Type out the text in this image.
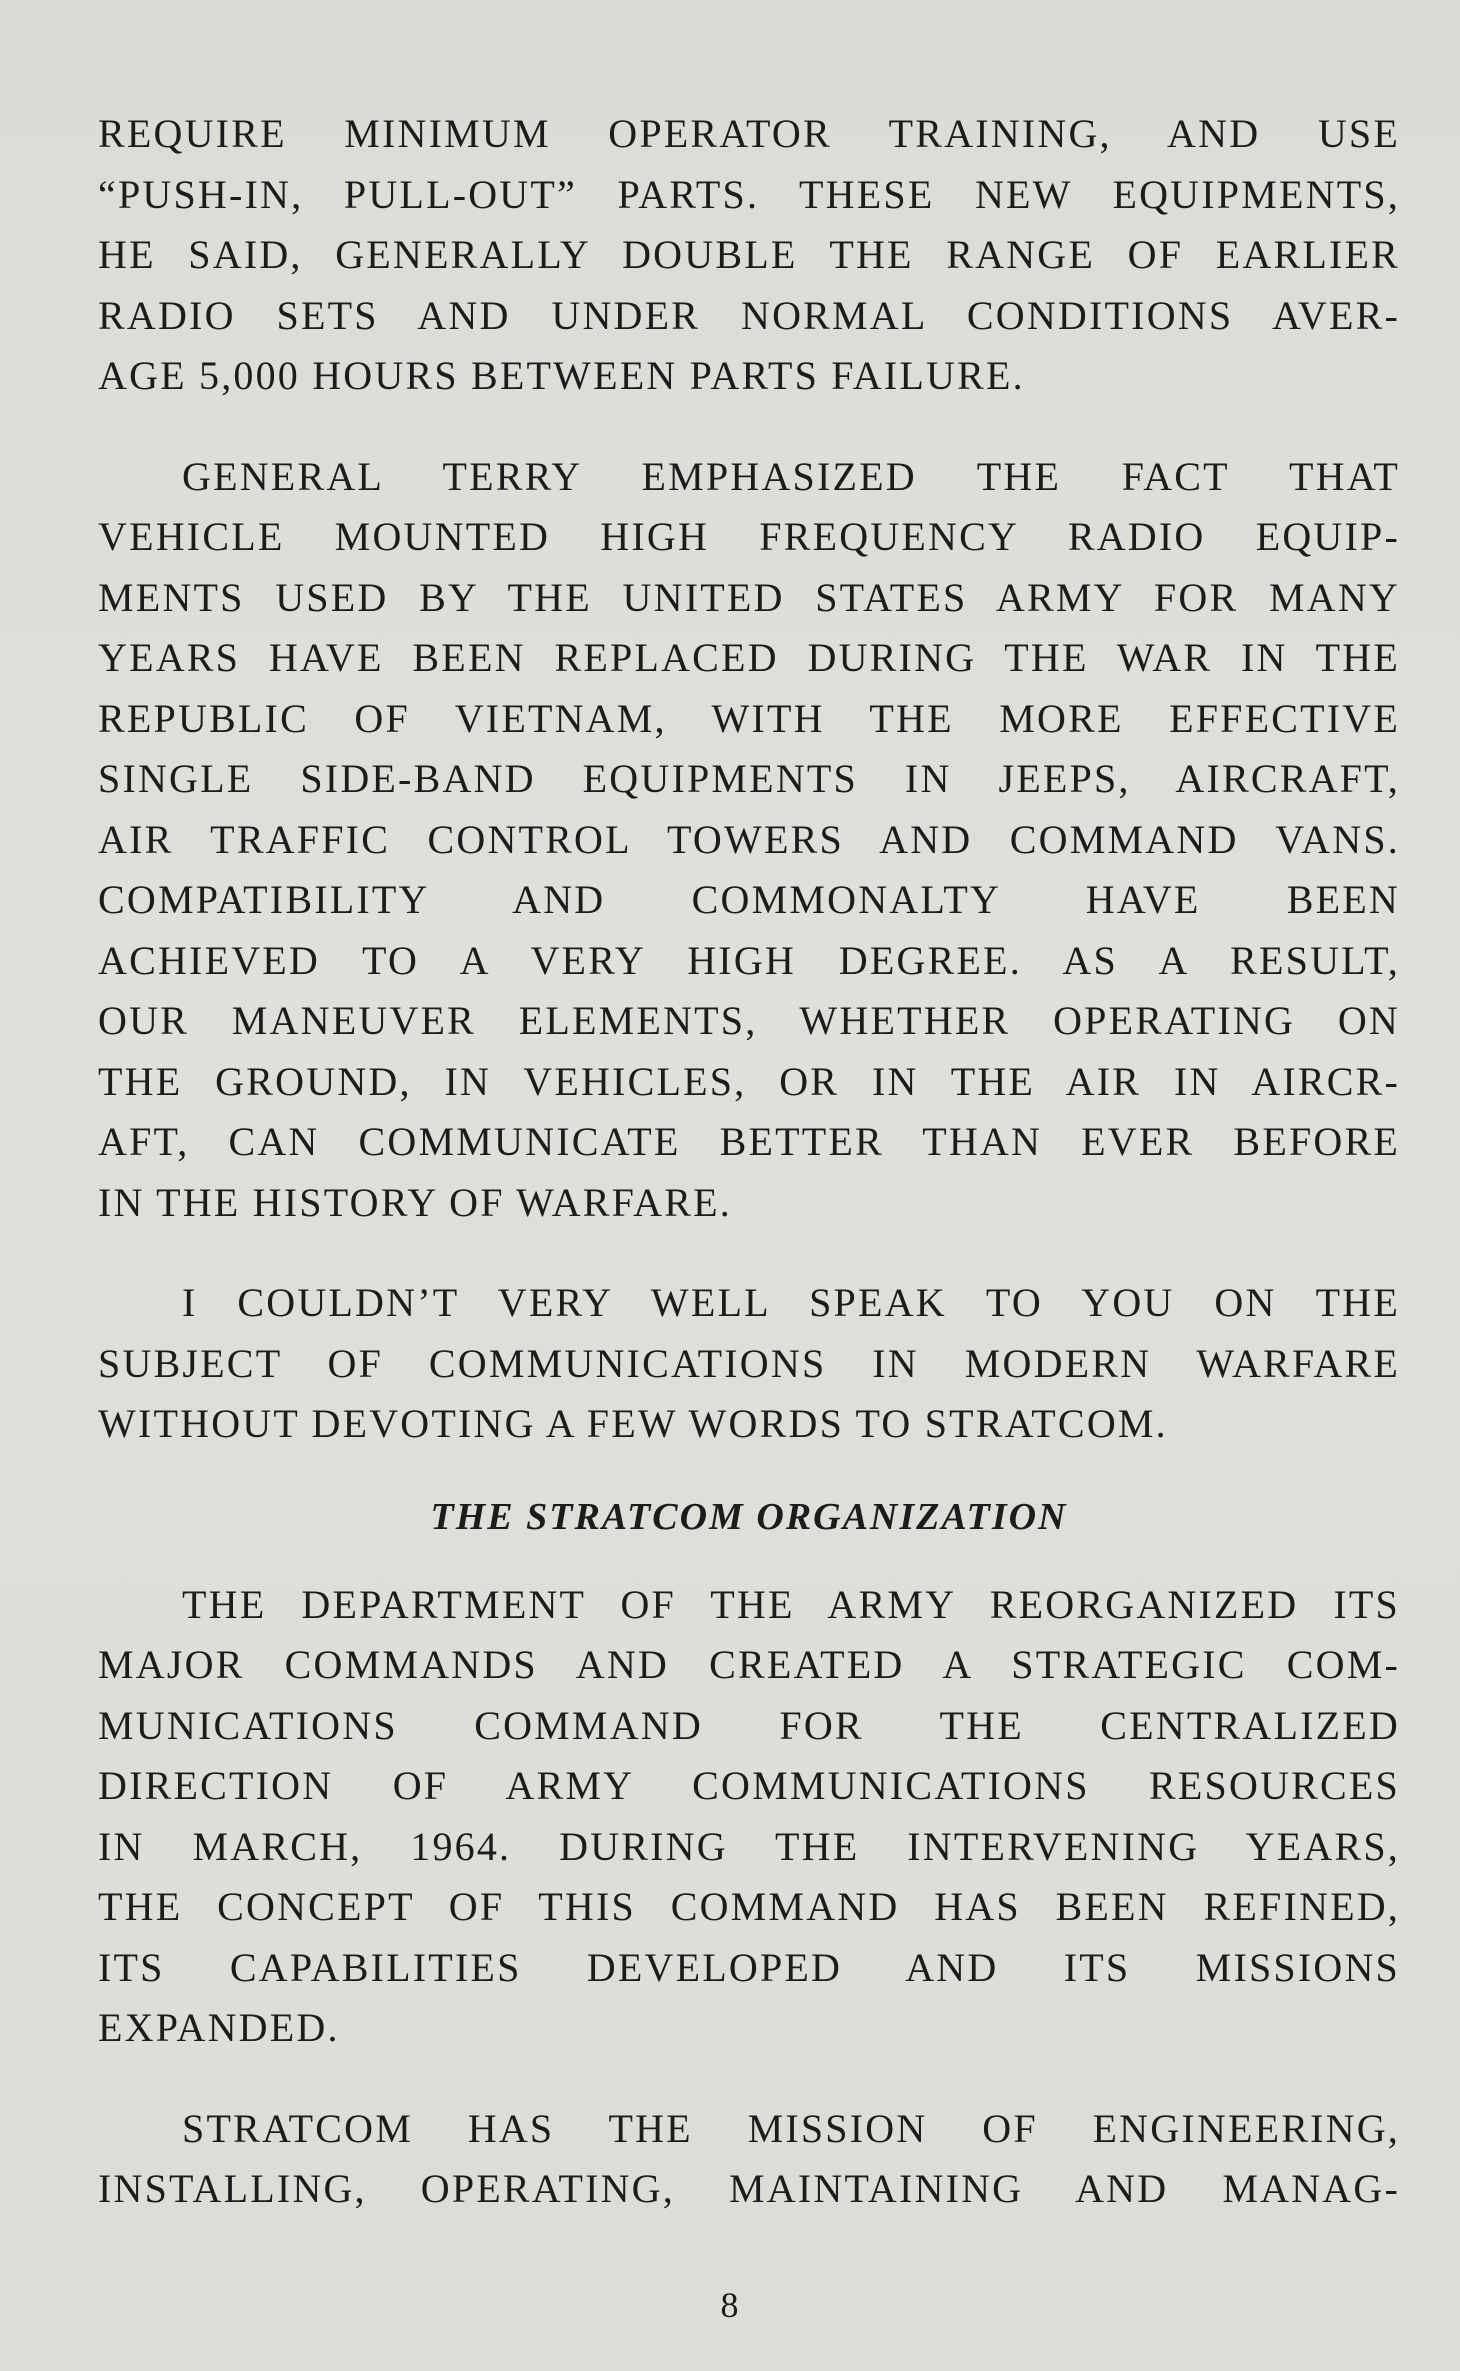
REQUIRE MINIMUM OPERATOR TRAINING, AND USE
“PUSH-IN, PULL-OUT” PARTS. THESE NEW EQUIPMENTS,
HE SAID, GENERALLY DOUBLE THE RANGE OF EARLIER
RADIO SETS AND UNDER NORMAL CONDITIONS AVER-
AGE 5,000 HOURS BETWEEN PARTS FAILURE.

GENERAL TERRY EMPHASIZED THE FACT THAT
VEHICLE MOUNTED HIGH FREQUENCY RADIO EQUIP-
MENTS USED BY THE UNITED STATES ARMY FOR MANY
YEARS HAVE BEEN REPLACED DURING THE WAR IN THE
REPUBLIC OF VIETNAM, WITH THE MORE EFFECTIVE
SINGLE SIDE-BAND EQUIPMENTS IN JEEPS, AIRCRAFT,
AIR TRAFFIC CONTROL TOWERS AND COMMAND VANS.
COMPATIBILITY AND COMMONALTY HAVE BEEN
ACHIEVED TO A VERY HIGH DEGREE. AS A RESULT,
OUR MANEUVER ELEMENTS, WHETHER OPERATING ON
THE GROUND, IN VEHICLES, OR IN THE AIR IN AIRCR-
AFT, CAN COMMUNICATE BETTER THAN EVER BEFORE
IN THE HISTORY OF WARFARE.

I COULDN’T VERY WELL SPEAK TO YOU ON THE
SUBJECT OF COMMUNICATIONS IN MODERN WARFARE
WITHOUT DEVOTING A FEW WORDS TO STRATCOM.

THE STRATCOM ORGANIZATION

THE DEPARTMENT OF THE ARMY REORGANIZED ITS
MAJOR COMMANDS AND CREATED A STRATEGIC COM-
MUNICATIONS COMMAND FOR THE CENTRALIZED
DIRECTION OF ARMY COMMUNICATIONS RESOURCES
IN MARCH, 1964. DURING THE INTERVENING YEARS,
THE CONCEPT OF THIS COMMAND HAS BEEN REFINED,
ITS CAPABILITIES DEVELOPED AND ITS MISSIONS
EXPANDED.

STRATCOM HAS THE MISSION OF ENGINEERING,
INSTALLING, OPERATING, MAINTAINING AND MANAG-

8
